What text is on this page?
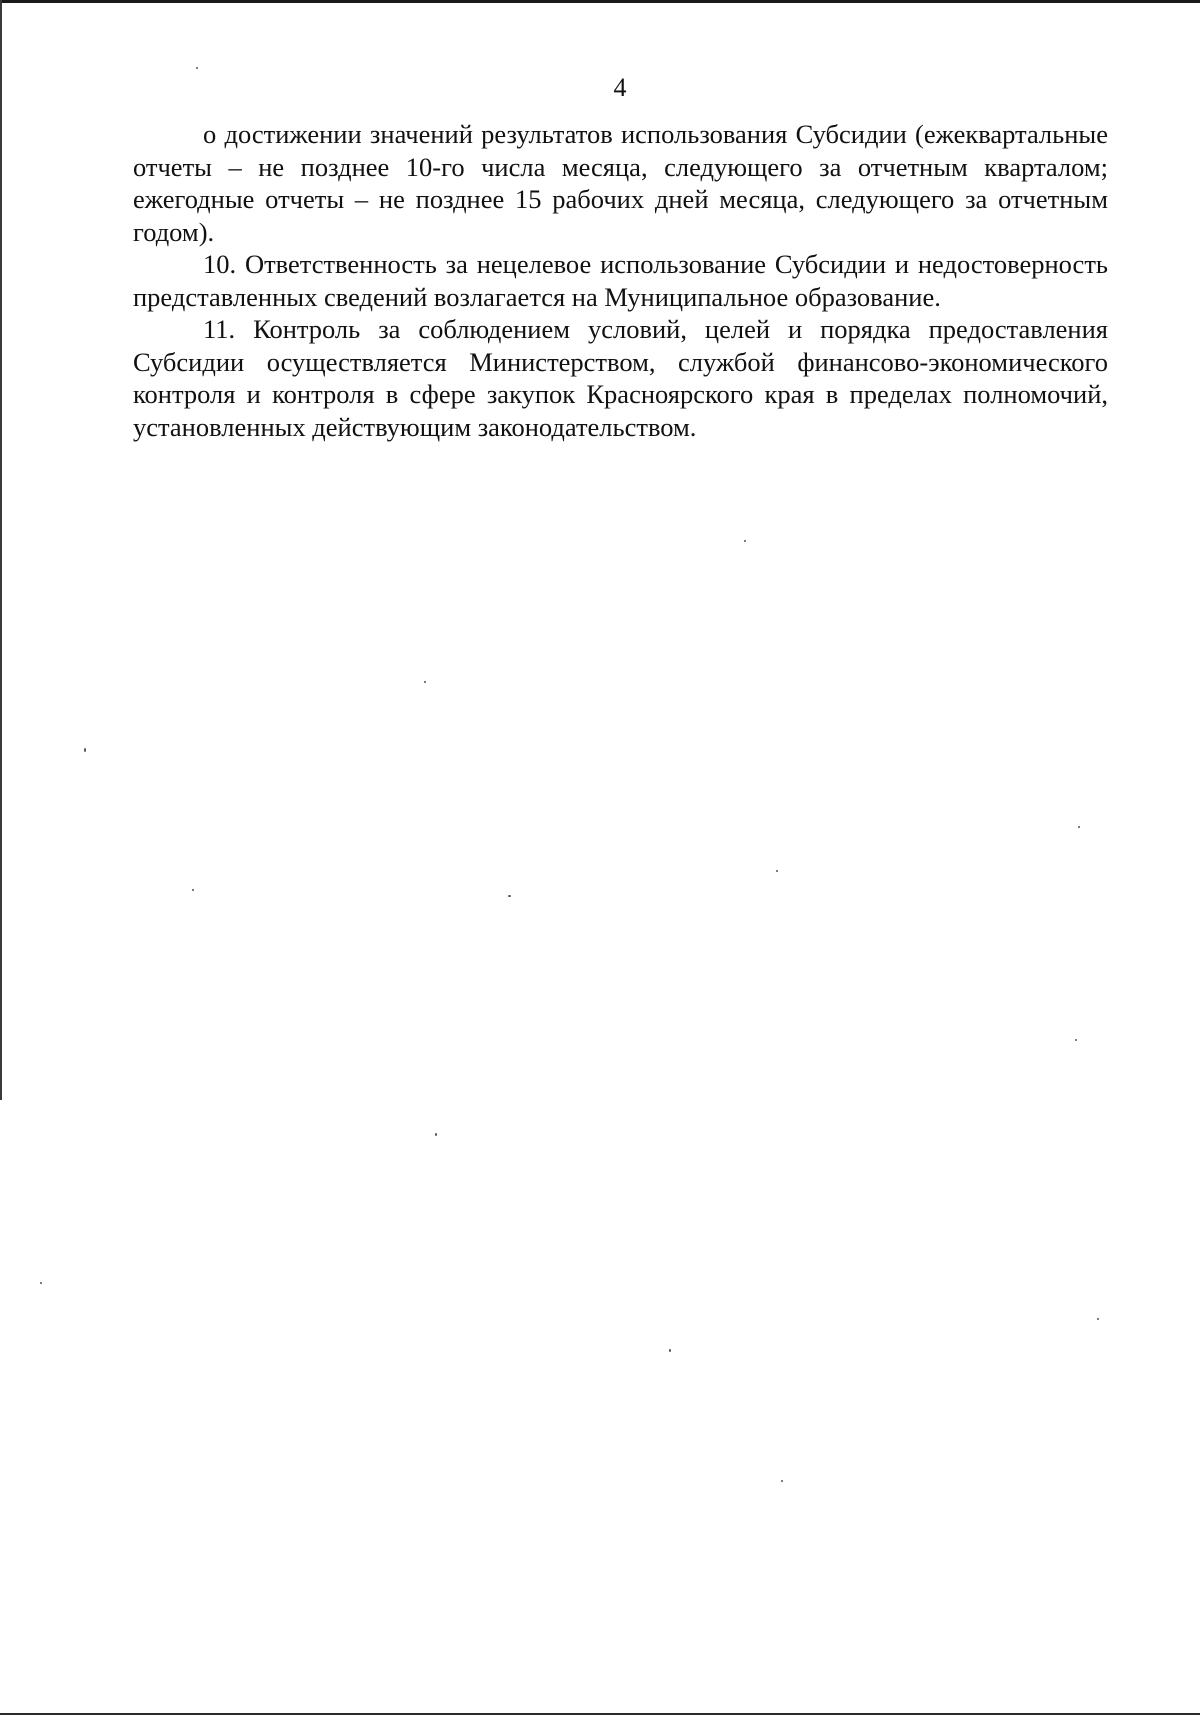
4

о достижении значений результатов использования Субсидии (ежеквартальные отчеты – не позднее 10-го числа месяца, следующего за отчетным кварталом; ежегодные отчеты – не позднее 15 рабочих дней месяца, следующего за отчетным годом).

10. Ответственность за нецелевое использование Субсидии и недостоверность представленных сведений возлагается на Муниципальное образование.

11. Контроль за соблюдением условий, целей и порядка предоставления Субсидии осуществляется Министерством, службой финансово-экономического контроля и контроля в сфере закупок Красноярского края в пределах полномочий, установленных действующим законодательством.
